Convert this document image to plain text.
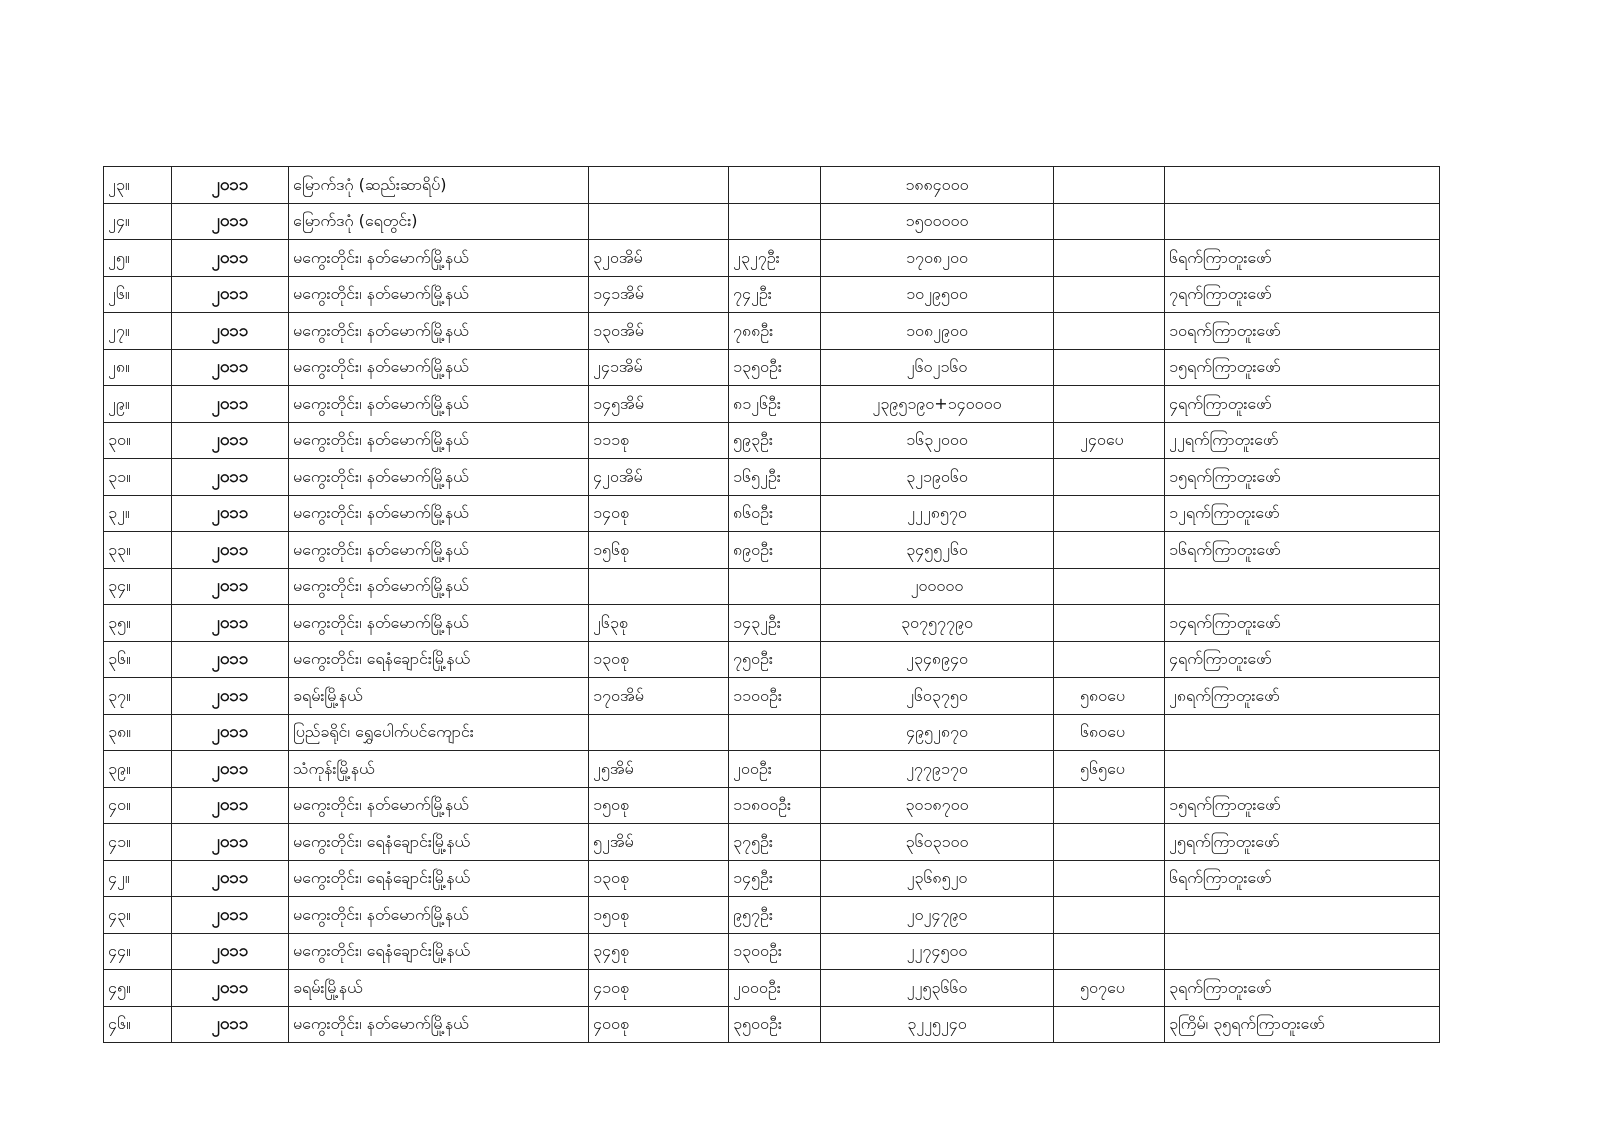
၂၃။	၂၀၁၁	မြောက်ဒဂုံ (ဆည်းဆာရိပ်)			၁၈၈၄၀၀၀		
၂၄။	၂၀၁၁	မြောက်ဒဂုံ (ရေတွင်း)			၁၅၀၀၀၀၀		
၂၅။	၂၀၁၁	မကွေးတိုင်း၊ နတ်မောက်မြို့နယ်	၃၂၀အိမ်	၂၃၂၇ဦး	၁၇၀၈၂၀၀		၆ရက်ကြာတူးဖော်
၂၆။	၂၀၁၁	မကွေးတိုင်း၊ နတ်မောက်မြို့နယ်	၁၄၁အိမ်	၇၄၂ဦး	၁၀၂၉၅၀၀		၇ရက်ကြာတူးဖော်
၂၇။	၂၀၁၁	မကွေးတိုင်း၊ နတ်မောက်မြို့နယ်	၁၃၀အိမ်	၇၈၈ဦး	၁၀၈၂၉၀၀		၁၀ရက်ကြာတူးဖော်
၂၈။	၂၀၁၁	မကွေးတိုင်း၊ နတ်မောက်မြို့နယ်	၂၄၁အိမ်	၁၃၅၀ဦး	၂၆၀၂၁၆၀		၁၅ရက်ကြာတူးဖော်
၂၉။	၂၀၁၁	မကွေးတိုင်း၊ နတ်မောက်မြို့နယ်	၁၄၅အိမ်	၈၁၂၆ဦး	၂၃၉၅၁၉၀+၁၄၀၀၀၀		၄ရက်ကြာတူးဖော်
၃၀။	၂၀၁၁	မကွေးတိုင်း၊ နတ်မောက်မြို့နယ်	၁၁၁စု	၅၉၃ဦး	၁၆၃၂၀၀၀	၂၄၀ပေ	၂၂ရက်ကြာတူးဖော်
၃၁။	၂၀၁၁	မကွေးတိုင်း၊ နတ်မောက်မြို့နယ်	၄၂၀အိမ်	၁၆၅၂ဦး	၃၂၁၉၀၆၀		၁၅ရက်ကြာတူးဖော်
၃၂။	၂၀၁၁	မကွေးတိုင်း၊ နတ်မောက်မြို့နယ်	၁၄၀စု	၈၆၀ဦး	၂၂၂၈၅၇၀		၁၂ရက်ကြာတူးဖော်
၃၃။	၂၀၁၁	မကွေးတိုင်း၊ နတ်မောက်မြို့နယ်	၁၅၆စု	၈၉၀ဦး	၃၄၅၅၂၆၀		၁၆ရက်ကြာတူးဖော်
၃၄။	၂၀၁၁	မကွေးတိုင်း၊ နတ်မောက်မြို့နယ်			၂၀၀၀၀၀		
၃၅။	၂၀၁၁	မကွေးတိုင်း၊ နတ်မောက်မြို့နယ်	၂၆၃စု	၁၄၃၂ဦး	၃၀၇၅၇၇၉၀		၁၄ရက်ကြာတူးဖော်
၃၆။	၂၀၁၁	မကွေးတိုင်း၊ ရေနံချောင်းမြို့နယ်	၁၃၀စု	၇၅၀ဦး	၂၃၄၈၉၄၀		၄ရက်ကြာတူးဖော်
၃၇။	၂၀၁၁	ခရမ်းမြို့နယ်	၁၇၀အိမ်	၁၁၀၀ဦး	၂၆၀၃၇၅၀	၅၈၀ပေ	၂၈ရက်ကြာတူးဖော်
၃၈။	၂၀၁၁	ပြည်ခရိုင်၊ ရွှေပေါက်ပင်ကျောင်း			၄၉၅၂၈၇၀	၆၈၀ပေ	
၃၉။	၂၀၁၁	သံကုန်းမြို့နယ်	၂၅အိမ်	၂၀၀ဦး	၂၇၇၉၁၇၀	၅၆၅ပေ	
၄၀။	၂၀၁၁	မကွေးတိုင်း၊ နတ်မောက်မြို့နယ်	၁၅၀စု	၁၁၈၀၀ဦး	၃၀၁၈၇၀၀		၁၅ရက်ကြာတူးဖော်
၄၁။	၂၀၁၁	မကွေးတိုင်း၊ ရေနံချောင်းမြို့နယ်	၅၂အိမ်	၃၇၅ဦး	၃၆၀၃၁၀၀		၂၅ရက်ကြာတူးဖော်
၄၂။	၂၀၁၁	မကွေးတိုင်း၊ ရေနံချောင်းမြို့နယ်	၁၃၀စု	၁၄၅ဦး	၂၃၆၈၅၂၀		၆ရက်ကြာတူးဖော်
၄၃။	၂၀၁၁	မကွေးတိုင်း၊ နတ်မောက်မြို့နယ်	၁၅၀စု	၉၅၇ဦး	၂၀၂၄၇၉၀		
၄၄။	၂၀၁၁	မကွေးတိုင်း၊ ရေနံချောင်းမြို့နယ်	၃၄၅စု	၁၃၀၀ဦး	၂၂၇၄၅၀၀		
၄၅။	၂၀၁၁	ခရမ်းမြို့နယ်	၄၁၀စု	၂၀၀၀ဦး	၂၂၅၃၆၆၀	၅၀၇ပေ	၃ရက်ကြာတူးဖော်
၄၆။	၂၀၁၁	မကွေးတိုင်း၊ နတ်မောက်မြို့နယ်	၄၀၀စု	၃၅၀၀ဦး	၃၂၂၅၂၄၀		၃ကြိမ်၊ ၃၅ရက်ကြာတူးဖော်
